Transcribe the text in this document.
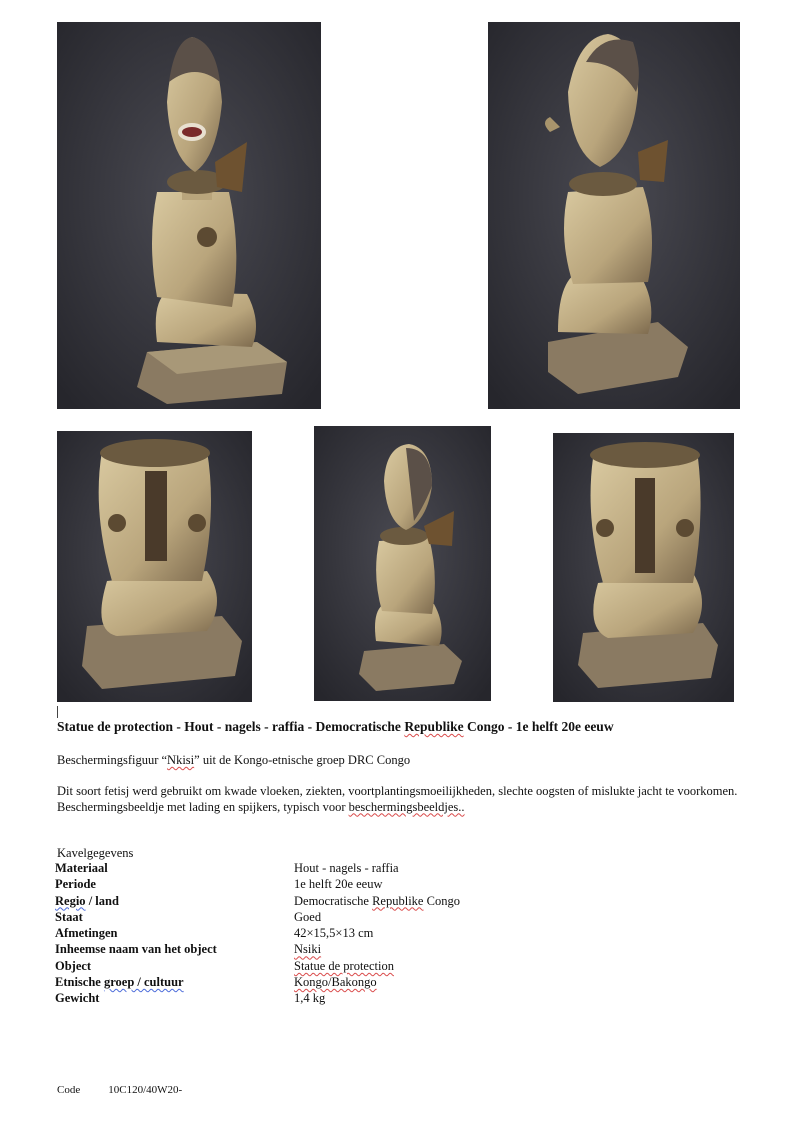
Statue de protection - Hout - nagels - raffia - Democratische Republike Congo - 1e helft 20e eeuw
Beschermingsfiguur “Nkisi” uit de Kongo-etnische groep DRC Congo
Dit soort fetisj werd gebruikt om kwade vloeken, ziekten, voortplantingsmoeilijkheden, slechte oogsten of mislukte jacht te voorkomen.
Beschermingsbeeldje met lading en spijkers, typisch voor beschermingsbeeldjes..
Kavelgegevens
Materiaal	Hout - nagels - raffia
Periode	1e helft 20e eeuw
Regio / land	Democratische Republike Congo
Staat	Goed
Afmetingen	42×15,5×13 cm
Inheemse naam van het object	Nsiki
Object	Statue de protection
Etnische groep / cultuur	Kongo/Bakongo
Gewicht	1,4 kg
Code	10C120/40W20-
